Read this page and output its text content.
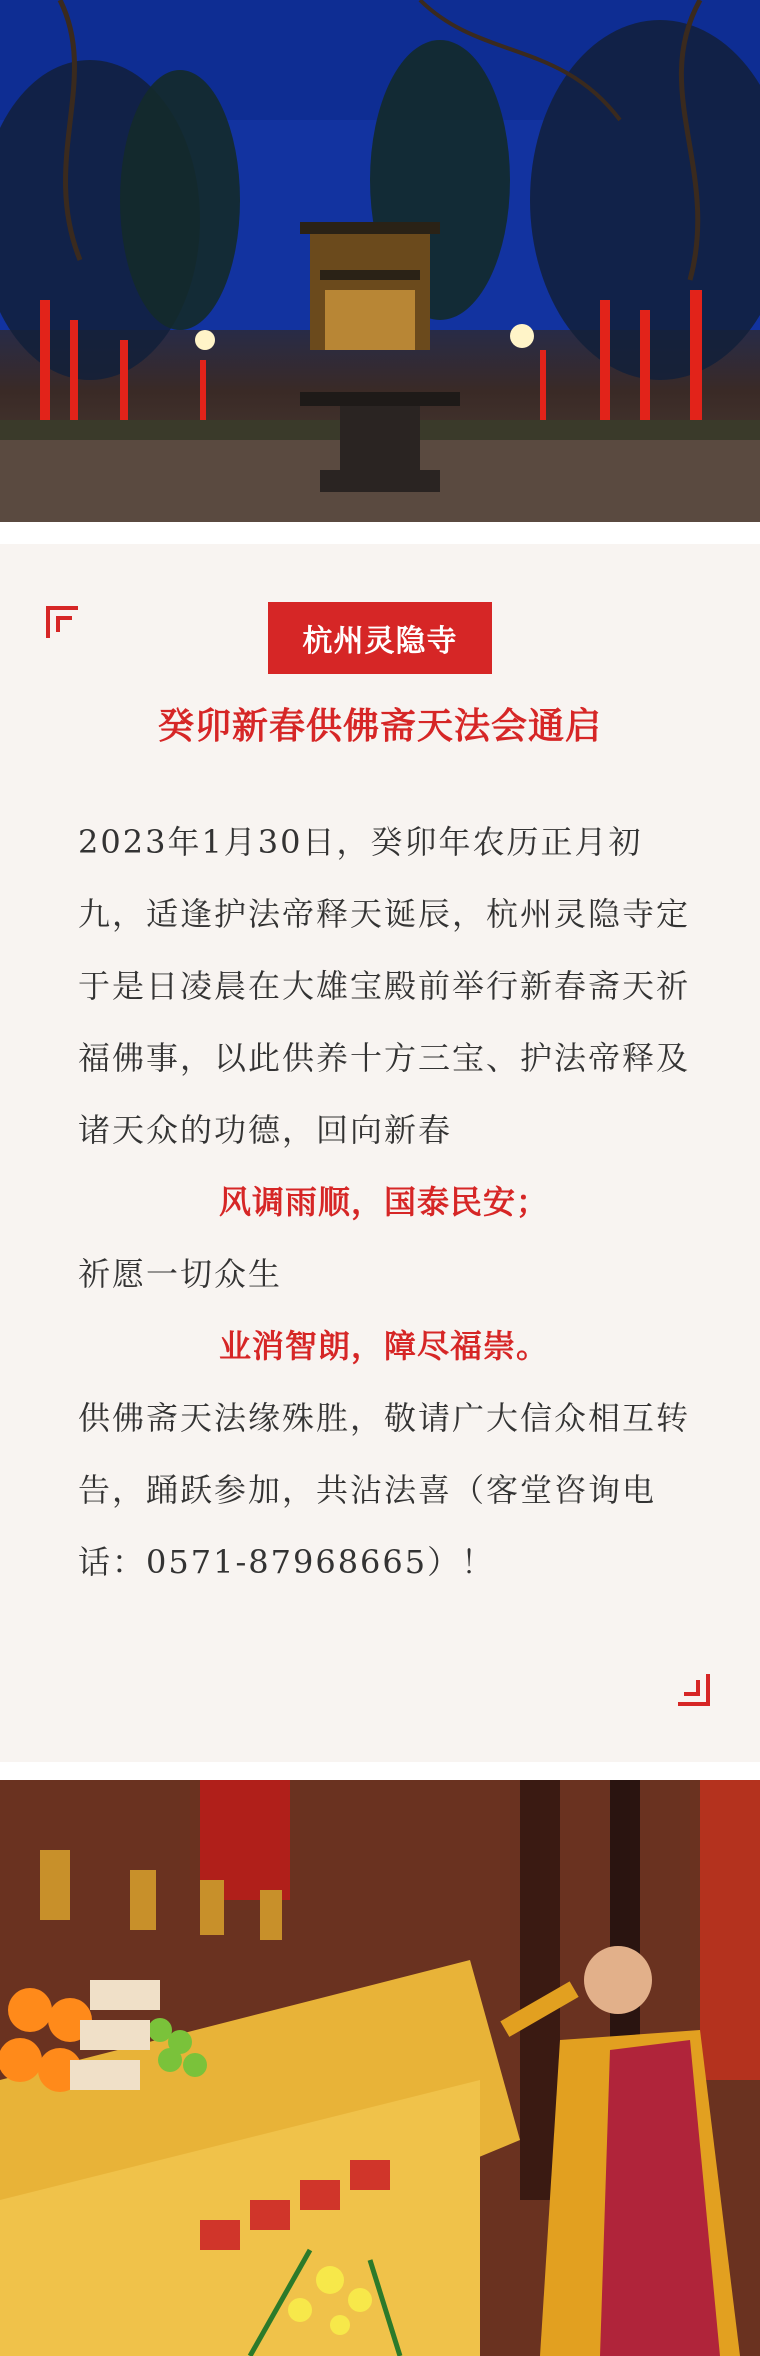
杭州灵隐寺
癸卯新春供佛斋天法会通启

2023年1月30日，癸卯年农历正月初九，适逢护法帝释天诞辰，杭州灵隐寺定于是日凌晨在大雄宝殿前举行新春斋天祈福佛事，以此供养十方三宝、护法帝释及诸天众的功德，回向新春

风调雨顺，国泰民安；

祈愿一切众生

业消智朗，障尽福崇。

供佛斋天法缘殊胜，敬请广大信众相互转告，踊跃参加，共沾法喜（客堂咨询电话：0571-87968665）！
